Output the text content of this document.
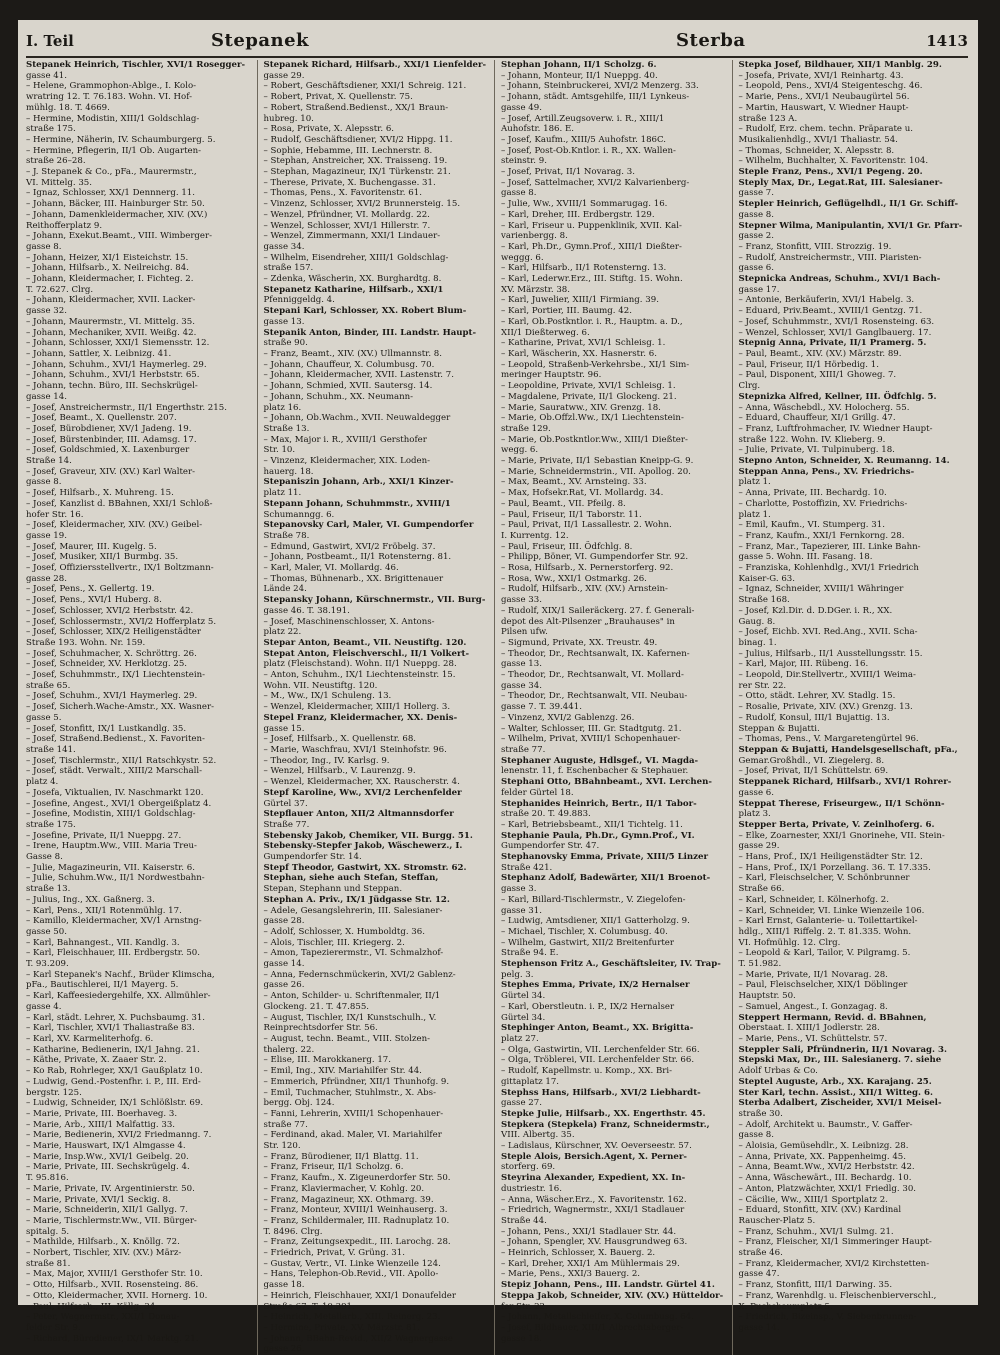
I. Teil	Stepanek	Sterba	1413
Stepanek Heinrich, Tischler, XVI/1 Rosegger-
gasse 41.
– Helene, Grammophon-Ablge., I. Kolo-
wratring 12. T. 76.183. Wohn. VI. Hof-
mühlg. 18. T. 4669.
– Hermine, Modistin, XIII/1 Goldschlag-
straße 175.
– Hermine, Näherin, IV. Schaumburgerg. 5.
– Hermine, Pflegerin, II/1 Ob. Augarten-
straße 26–28.
– J. Stepanek & Co., pFa., Maurermstr.,
VI. Mittelg. 35.
– Ignaz, Schlosser, XX/1 Dennnerg. 11.
– Johann, Bäcker, III. Hainburger Str. 50.
– Johann, Damenkleidermacher, XIV. (XV.)
Reithofferplatz 9.
– Johann, Exekut.Beamt., VIII. Wimberger-
gasse 8.
– Johann, Heizer, XI/1 Eisteichstr. 15.
– Johann, Hilfsarb., X. Neilreichg. 84.
– Johann, Kleidermacher, I. Fichteg. 2.
T. 72.627. Clrg.
– Johann, Kleidermacher, XVII. Lacker-
gasse 32.
– Johann, Maurermstr., VI. Mittelg. 35.
– Johann, Mechaniker, XVII. Weißg. 42.
– Johann, Schlosser, XXI/1 Siemensstr. 12.
– Johann, Sattler, X. Leibnizg. 41.
– Johann, Schuhm., XVI/1 Haymerleg. 29.
– Johann, Schuhm., XVI/1 Herbststr. 65.
– Johann, techn. Büro, III. Sechskrügel-
gasse 14.
– Josef, Anstreichermstr., II/1 Engerthstr. 215.
– Josef, Beamt., X. Quellenstr. 207.
– Josef, Bürobdiener, XV/1 Jadeng. 19.
– Josef, Bürstenbinder, III. Adamsg. 17.
– Josef, Goldschmied, X. Laxenburger
Straße 14.
– Josef, Graveur, XIV. (XV.) Karl Walter-
gasse 8.
– Josef, Hilfsarb., X. Muhreng. 15.
– Josef, Kanzlist d. BBahnen, XXI/1 Schloß-
hofer Str. 16.
– Josef, Kleidermacher, XIV. (XV.) Geibel-
gasse 19.
– Josef, Maurer, III. Kugelg. 5.
– Josef, Musiker, XII/1 Burmbg. 35.
– Josef, Offiziersstellvertr., IX/1 Boltzmann-
gasse 28.
– Josef, Pens., X. Gellertg. 19.
– Josef, Pens., XVI/1 Huberg. 8.
– Josef, Schlosser, XVI/2 Herbststr. 42.
– Josef, Schlossermstr., XVI/2 Hofferplatz 5.
– Josef, Schlosser, XIX/2 Heiligenstädter
Straße 193. Wohn. Nr. 159.
– Josef, Schuhmacher, X. Schröttrg. 26.
– Josef, Schneider, XV. Herklotzg. 25.
– Josef, Schuhmmstr., IX/1 Liechtenstein-
straße 65.
– Josef, Schuhm., XVI/1 Haymerleg. 29.
– Josef, Sicherh.Wache-Amstr., XX. Wasner-
gasse 5.
– Josef, Stonfitt, IX/1 Lustkandlg. 35.
– Josef, Straßend.Bedienst., X. Favoriten-
straße 141.
– Josef, Tischlermstr., XII/1 Ratschkystr. 52.
– Josef, städt. Verwalt., XIII/2 Marschall-
platz 4.
– Josefa, Viktualien, IV. Naschmarkt 120.
– Josefine, Angest., XVI/1 Obergeißplatz 4.
– Josefine, Modistin, XIII/1 Goldschlag-
straße 175.
– Josefine, Private, II/1 Nueppg. 27.
– Irene, Hauptm.Ww., VIII. Maria Treu-
Gasse 8.
– Julie, Magazineurin, VII. Kaiserstr. 6.
– Julie, Schuhm.Ww., II/1 Nordwestbahn-
straße 13.
– Julius, Ing., XX. Gaßnerg. 3.
– Karl, Pens., XII/1 Rotenmühlg. 17.
– Kamillo, Kleidermacher, XV/1 Arnstng-
gasse 50.
– Karl, Bahnangest., VII. Kandlg. 3.
– Karl, Fleischhauer, III. Erdbergstr. 50.
T. 93.209.
– Karl Stepanek's Nachf., Brüder Klimscha,
pFa., Bautischlerei, II/1 Mayerg. 5.
– Karl, Kaffeesiedergehilfe, XX. Allmühler-
gasse 4.
– Karl, städt. Lehrer, X. Puchsbaumg. 31.
– Karl, Tischler, XVI/1 Thaliastraße 83.
– Karl, XV. Karmeliterhofg. 6.
– Katharine, Bedienerin, IX/1 Jahng. 21.
– Käthe, Private, X. Zaaer Str. 2.
– Ko Rab, Rohrleger, XX/1 Gaußplatz 10.
– Ludwig, Gend.-Postenfhr. i. P., III. Erd-
bergstr. 125.
– Ludwig, Schneider, IX/1 Schlößlstr. 69.
– Marie, Private, III. Boerhaveg. 3.
– Marie, Arb., XIII/1 Malfattig. 33.
– Marie, Bedienerin, XVI/2 Friedmanng. 7.
– Marie, Hauswart, IX/1 Almgasse 4.
– Marie, Insp.Ww., XVI/1 Geibelg. 20.
– Marie, Private, III. Sechskrügelg. 4.
T. 95.816.
– Marie, Private, IV. Argentinierstr. 50.
– Marie, Private, XVI/1 Seckig. 8.
– Marie, Schneiderin, XII/1 Gallyg. 7.
– Marie, Tischlermstr.Ww., VII. Bürger-
spitalg. 5.
– Mathilde, Hilfsarb., X. Knöllg. 72.
– Norbert, Tischler, XIV. (XV.) März-
straße 81.
– Max, Major, XVIII/1 Gersthofer Str. 10.
– Otto, Hilfsarb., XVII. Rosensteing. 86.
– Otto, Kleidermacher, XVII. Hornerg. 10.
– Paul, Hilfsarb., III. Köllg. 34.
– Peter, Wagnermstr., XXI/1 Donau-
felder Str. 9.
– Richard, Bürodiener, IX/1 Marktg. 21.
Stepanek Richard, Hilfsarb., XXI/1 Lienfelder-
gasse 29.
– Robert, Geschäftsdiener, XXI/1 Schreig. 121.
– Robert, Privat, X. Quellenstr. 75.
– Robert, Straßend.Bedienst., XX/1 Braun-
hubreg. 10.
– Rosa, Private, X. Alepsstr. 6.
– Rudolf, Geschäftsdiener, XVI/2 Hippg. 11.
– Sophie, Hebamme, III. Lechnerstr. 8.
– Stephan, Anstreicher, XX. Traisseng. 19.
– Stephan, Magazineur, IX/1 Türkenstr. 21.
– Therese, Private, X. Buchengasse. 31.
– Thomas, Pens., X. Favoritenstr. 61.
– Vinzenz, Schlosser, XVI/2 Brunnersteig. 15.
– Wenzel, Pfründner, VI. Mollardg. 22.
– Wenzel, Schlosser, XVI/1 Hillerstr. 7.
– Wenzel, Zimmermann, XXI/1 Lindauer-
gasse 34.
– Wilhelm, Eisendreher, XIII/1 Goldschlag-
straße 157.
– Zdenka, Wäscherin, XX. Burghardtg. 8.
Stepanetz Katharine, Hilfsarb., XXI/1
Pfenniggeldg. 4.
Stepani Karl, Schlosser, XX. Robert Blum-
gasse 13.
Stepanik Anton, Binder, III. Landstr. Haupt-
straße 90.
– Franz, Beamt., XIV. (XV.) Ullmannstr. 8.
– Johann, Chauffeur, X. Columbusg. 70.
– Johann, Kleidermacher, XVII. Lastenstr. 7.
– Johann, Schmied, XVII. Sautersg. 14.
– Johann, Schuhm., XX. Neumann-
platz 16.
– Johann, Ob.Wachm., XVII. Neuwaldegger
Straße 13.
– Max, Major i. R., XVIII/1 Gersthofer
Str. 10.
– Vinzenz, Kleidermacher, XIX. Loden-
hauerg. 18.
Stepaniszin Johann, Arb., XXI/1 Kinzer-
platz 11.
Stepann Johann, Schuhmmstr., XVIII/1
Schumanngg. 6.
Stepanovsky Carl, Maler, VI. Gumpendorfer
Straße 78.
– Edmund, Gastwirt, XVI/2 Fröbelg. 37.
– Johann, Postbeamt., II/1 Rotensterng. 81.
– Karl, Maler, VI. Mollardg. 46.
– Thomas, Bühnenarb., XX. Brigittenauer
Lände 24.
Stepansky Johann, Kürschnermstr., VII. Burg-
gasse 46. T. 38.191.
– Josef, Maschinenschlosser, X. Antons-
platz 22.
Stepar Anton, Beamt., VII. Neustiftg. 120.
Stepat Anton, Fleischverschl., II/1 Volkert-
platz (Fleischstand). Wohn. II/1 Nueppg. 28.
– Anton, Schuhm., IX/1 Liechtensteinstr. 15.
Wohn. VII. Neustiftg. 120.
– M., Ww., IX/1 Schuleng. 13.
– Wenzel, Kleidermacher, XIII/1 Hollerg. 3.
Stepel Franz, Kleidermacher, XX. Denis-
gasse 15.
– Josef, Hilfsarb., X. Quellenstr. 68.
– Marie, Waschfrau, XVI/1 Steinhofstr. 96.
– Theodor, Ing., IV. Karlsg. 9.
– Wenzel, Hilfsarb., V. Laurenzg. 9.
– Wenzel, Kleidermacher, XX. Rauscherstr. 4.
Stepf Karoline, Ww., XVI/2 Lerchenfelder
Gürtel 37.
Stepflauer Anton, XII/2 Altmannsdorfer
Straße 77.
Stebensky Jakob, Chemiker, VII. Burgg. 51.
Stebensky-Stepfer Jakob, Wäschewerz., I.
Gumpendorfer Str. 14.
Stepf Theodor, Gastwirt, XX. Stromstr. 62.
Stephan, siehe auch Stefan, Steffan,
Stepan, Stephann und Steppan.
Stephan A. Priv., IX/1 Jüdgasse Str. 12.
– Adele, Gesangslehrerin, III. Salesianer-
gasse 28.
– Adolf, Schlosser, X. Humboldtg. 36.
– Alois, Tischler, III. Kriegerg. 2.
– Amon, Tapezierermstr., VI. Schmalzhof-
gasse 14.
– Anna, Federnschmückerin, XVI/2 Gablenz-
gasse 26.
– Anton, Schilder- u. Schriftenmaler, II/1
Glockeng. 21. T. 47.855.
– August, Tischler, IX/1 Kunstschulh., V.
Reinprechtsdorfer Str. 56.
– August, techn. Beamt., VIII. Stolzen-
thalerg. 22.
– Elise, III. Marokkanerg. 17.
– Emil, Ing., XIV. Mariahilfer Str. 44.
– Emmerich, Pfründner, XII/1 Thunhofg. 9.
– Emil, Tuchmacher, Stuhlmstr., X. Abs-
bergg. Obj. 124.
– Fanni, Lehrerin, XVIII/1 Schopenhauer-
straße 77.
– Ferdinand, akad. Maler, VI. Mariahilfer
Str. 120.
– Franz, Bürodiener, II/1 Blattg. 11.
– Franz, Friseur, II/1 Scholzg. 6.
– Franz, Kaufm., X. Zigeunerdorfer Str. 50.
– Franz, Klaviermacher, V. Kohlg. 20.
– Franz, Magazineur, XX. Othmarg. 39.
– Franz, Monteur, XVIII/1 Weinhauserg. 3.
– Franz, Schildermaler, III. Radnuplatz 10.
T. 8496. Clrg.
– Franz, Zeitungsexpedit., III. Larochg. 28.
– Friedrich, Privat, V. Grüng. 31.
– Gustav, Vertr., VI. Linke Wienzeile 124.
– Hans, Telephon-Ob.Revid., VII. Apollo-
gasse 18.
– Heinrich, Fleischhauer, XXI/1 Donaufelder
Straße 67. T. 10.391.
– Heinrich, Metallarb., XIII. Reinerg. 23.
– Hermine, Private, XV. Märzstr. 81.
– Johann, BBahn-Revid., XII/2 Wagnergasse
gasse 26.
Stephan Johann, II/1 Scholzg. 6.
– Johann, Monteur, II/1 Nueppg. 40.
– Johann, Steinbruckerei, XVI/2 Menzerg. 33.
– Johann, städt. Amtsgehilfe, III/1 Lynkeus-
gasse 49.
– Josef, Artill.Zeugsoverw. i. R., XIII/1
Auhofstr. 186. E.
– Josef, Kaufm., XIII/5 Auhofstr. 186C.
– Josef, Post-Ob.Kntlor. i. R., XX. Wallen-
steinstr. 9.
– Josef, Privat, II/1 Novarag. 3.
– Josef, Sattelmacher, XVI/2 Kalvarienberg-
gasse 8.
– Julie, Ww., XVIII/1 Sommarugag. 16.
– Karl, Dreher, III. Erdbergstr. 129.
– Karl, Friseur u. Puppenklinik, XVII. Kal-
varienbergg. 8.
– Karl, Ph.Dr., Gymn.Prof., XIII/1 Dießter-
weggg. 6.
– Karl, Hilfsarb., II/1 Rotensterng. 13.
– Karl, Lederwr.Erz., III. Stiftg. 15. Wohn.
XV. Märzstr. 38.
– Karl, Juwelier, XIII/1 Firmiang. 39.
– Karl, Portier, III. Baumg. 42.
– Karl, Ob.Postkntlor. i. R., Hauptm. a. D.,
XII/1 Dießterweg. 6.
– Katharine, Privat, XVI/1 Schleisg. 1.
– Karl, Wäscherin, XX. Hasnerstr. 6.
– Leopold, Straßenb-Verkehrsbe., XI/1 Sim-
meringer Hauptstr. 96.
– Leopoldine, Private, XVI/1 Schleisg. 1.
– Magdalene, Private, II/1 Glockeng. 21.
– Marie, Sauratww., XIV. Grenzg. 18.
– Marie, Ob.Offzl.Ww., IX/1 Liechtenstein-
straße 129.
– Marie, Ob.Postkntlor.Ww., XIII/1 Dießter-
wegg. 6.
– Marie, Private, II/1 Sebastian Kneipp-G. 9.
– Marie, Schneidermstrin., VII. Apollog. 20.
– Max, Beamt., XV. Arnsteing. 33.
– Max, Hofsekr.Rat, VI. Mollardg. 34.
– Paul, Beamt., VII. Pfeilg. 8.
– Paul, Friseur, II/1 Taborstr. 11.
– Paul, Privat, II/1 Lassallestr. 2. Wohn.
I. Kurrentg. 12.
– Paul, Friseur, III. Ödfchlg. 8.
– Philipp, Böner, VI. Gumpendorfer Str. 92.
– Rosa, Hilfsarb., X. Pernerstorferg. 92.
– Rosa, Ww., XXI/1 Ostmarkg. 26.
– Rudolf, Hilfsarb., XIV. (XV.) Arnstein-
gasse 33.
– Rudolf, XIX/1 Saileräckerg. 27. f. Generali-
depot des Alt-Pilsenzer „Brauhauses" in
Pilsen ufw.
– Sigmund, Private, XX. Treustr. 49.
– Theodor, Dr., Rechtsanwalt, IX. Kafernen-
gasse 13.
– Theodor, Dr., Rechtsanwalt, VI. Mollard-
gasse 34.
– Theodor, Dr., Rechtsanwalt, VII. Neubau-
gasse 7. T. 39.441.
– Vinzenz, XVI/2 Gablenzg. 26.
– Walter, Schlosser, III. Gr. Stadtgutg. 21.
– Wilhelm, Privat, XVIII/1 Schopenhauer-
straße 77.
Stephaner Auguste, Hdlsgef., VI. Magda-
lenenstr. 11, f. Eschenbacher & Stephauer.
Stephani Otto, BBahnbeamt., XVI. Lerchen-
felder Gürtel 18.
Stephanides Heinrich, Bertr., II/1 Tabor-
straße 20. T. 49.883.
– Karl, Betriebsbeamt., XII/1 Tichtelg. 11.
Stephanie Paula, Ph.Dr., Gymn.Prof., VI.
Gumpendorfer Str. 47.
Stephanovsky Emma, Private, XIII/5 Linzer
Straße 421.
Stephanz Adolf, Badewärter, XII/1 Broenot-
gasse 3.
– Karl, Billard-Tischlermstr., V. Ziegelofen-
gasse 31.
– Ludwig, Amtsdiener, XII/1 Gatterholzg. 9.
– Michael, Tischler, X. Columbusg. 40.
– Wilhelm, Gastwirt, XII/2 Breitenfurter
Straße 94. E.
Stephenson Fritz A., Geschäftsleiter, IV. Trap-
pelg. 3.
Stephes Emma, Private, IX/2 Hernalser
Gürtel 34.
– Karl, Oberstleutn. i. P., IX/2 Hernalser
Gürtel 34.
Stephinger Anton, Beamt., XX. Brigitta-
platz 27.
– Olga, Gastwirtin, VII. Lerchenfelder Str. 66.
– Olga, Tröblerei, VII. Lerchenfelder Str. 66.
– Rudolf, Kapellmstr. u. Komp., XX. Bri-
gittaplatz 17.
Stephss Hans, Hilfsarb., XVI/2 Liebhardt-
gasse 27.
Stepke Julie, Hilfsarb., XX. Engerthstr. 45.
Stepkera (Stepkela) Franz, Schneidermstr.,
VIII. Albertg. 35.
– Ladislaus, Kürschner, XV. Oeverseestr. 57.
Steple Alois, Bersich.Agent, X. Perner-
storferg. 69.
Steyrina Alexander, Expedient, XX. In-
dustriestr. 16.
– Anna, Wäscher.Erz., X. Favoritenstr. 162.
– Friedrich, Wagnermstr., XXI/1 Stadlauer
Straße 44.
– Johann, Pens., XXI/1 Stadlauer Str. 44.
– Johann, Spengler, XV. Hausgrundweg 63.
– Heinrich, Schlosser, X. Bauerg. 2.
– Karl, Dreher, XXI/1 Am Mühlermais 29.
– Marie, Pens., XXI/3 Bauerg. 2.
Stepiz Johann, Pens., III. Landstr. Gürtel 41.
Steppa Jakob, Schneider, XIV. (XV.) Hütteldor-
fer Str. 22.
– Johann, Metallschleifer, X. Columbusg. 64.
– Josef, Bildhauer, XIII/1 Albrechtsberger-
gasse 18.
Stepka Josef, Bildhauer, XII/1 Manblg. 29.
– Josefa, Private, XVI/1 Reinhartg. 43.
– Leopold, Pens., XVI/4 Steigenteschg. 46.
– Marie, Pens., XVI/1 Neubaugürtel 56.
– Martin, Hauswart, V. Wiedner Haupt-
straße 123 A.
– Rudolf, Erz. chem. techn. Präparate u.
Musikalienhdlg., XVI/1 Thaliastr. 54.
– Thomas, Schneider, X. Alepsstr. 8.
– Wilhelm, Buchhalter, X. Favoritenstr. 104.
Steple Franz, Pens., XVI/1 Pegeng. 20.
Steply Max, Dr., Legat.Rat, III. Salesianer-
gasse 7.
Stepler Heinrich, Geflügelhdl., II/1 Gr. Schiff-
gasse 8.
Stepner Wilma, Manipulantin, XVI/1 Gr. Pfarr-
gasse 2.
– Franz, Stonfitt, VIII. Strozzig. 19.
– Rudolf, Anstreichermstr., VIII. Piaristen-
gasse 6.
Stepnicka Andreas, Schuhm., XVI/1 Bach-
gasse 17.
– Antonie, Berkäuferin, XVI/1 Habelg. 3.
– Eduard, Priv.Beamt., XVIII/1 Gentzg. 71.
– Josef, Schuhmmstr., XVI/1 Rosensteing. 63.
– Wenzel, Schlosser, XVI/1 Ganglbauerg. 17.
Stepnig Anna, Private, II/1 Pramerg. 5.
– Paul, Beamt., XIV. (XV.) Märzstr. 89.
– Paul, Friseur, II/1 Hörbedig. 1.
– Paul, Disponent, XIII/1 Ghoweg. 7.
Clrg.
Stepnizka Alfred, Kellner, III. Ödfchlg. 5.
– Anna, Wäschebdl., XV. Holocherg. 55.
– Eduard, Chauffeur, XI/1 Grillg. 47.
– Franz, Luftfrohmacher, IV. Wiedner Haupt-
straße 122. Wohn. IV. Klieberg. 9.
– Julie, Private, VI. Tulpinuberg. 18.
Stepno Anton, Schneider, X. Reumanng. 14.
Steppan Anna, Pens., XV. Friedrichs-
platz 1.
– Anna, Private, III. Bechardg. 10.
– Charlotte, Postoffizin, XV. Friedrichs-
platz 1.
– Emil, Kaufm., VI. Stumperg. 31.
– Franz, Kaufm., XXI/1 Fernkorng. 28.
– Franz, Mar., Tapezierer, III. Linke Bahn-
gasse 5. Wohn. III. Fasang. 18.
– Franziska, Kohlenhdlg., XVI/1 Friedrich
Kaiser-G. 63.
– Ignaz, Schneider, XVIII/1 Währinger
Straße 168.
– Josef, Kzl.Dir. d. D.DGer. i. R., XX.
Gaug. 8.
– Josef, Eichb. XVI. Red.Ang., XVII. Scha-
binag. 1.
– Julius, Hilfsarb., II/1 Ausstellungsstr. 15.
– Karl, Major, III. Rübeng. 16.
– Leopold, Dir.Stellvertr., XVIII/1 Weima-
rer Str. 22.
– Otto, städt. Lehrer, XV. Stadlg. 15.
– Rosalie, Private, XIV. (XV.) Grenzg. 13.
– Rudolf, Konsul, III/1 Bujattig. 13.
Steppan & Bujatti.
– Thomas, Pens., V. Margaretengürtel 96.
Steppan & Bujatti, Handelsgesellschaft, pFa.,
Gemar.Großhdl., VI. Ziegelerg. 8.
– Josef, Privat, II/1 Schüttelstr. 69.
Steppanek Richard, Hilfsarb., XVI/1 Rohrer-
gasse 6.
Steppat Therese, Friseurgew., II/1 Schönn-
platz 3.
Stepper Berta, Private, V. Zeinlhoferg. 6.
– Elke, Zoarnester, XXI/1 Gnorinehe, VII. Stein-
gasse 29.
– Hans, Prof., IX/1 Heiligenstädter Str. 12.
– Hans, Prof., IX/1 Porzellang. 36. T. 17.335.
– Karl, Fleischselcher, V. Schönbrunner
Straße 66.
– Karl, Schneider, I. Kölnerhofg. 2.
– Karl, Schneider, VI. Linke Wienzeile 106.
– Karl Ernst, Galanterie- u. Toilettartikel-
hdlg., XIII/1 Riffelg. 2. T. 81.335. Wohn.
VI. Hofmühlg. 12. Clrg.
– Leopold & Karl, Tailor, V. Pilgramg. 5.
T. 51.982.
– Marie, Private, II/1 Novarag. 28.
– Paul, Fleischselcher, XIX/1 Döblinger
Hauptstr. 50.
– Samuel, Angest., I. Gonzagag. 8.
Steppert Hermann, Revid. d. BBahnen,
Oberstaat. I. XIII/1 Jodlerstr. 28.
– Marie, Pens., VI. Schüttelstr. 57.
Steppler Sali, Pfründnerin, II/1 Novarag. 3.
Stepski Max, Dr., III. Salesianerg. 7. siehe
Adolf Urbas & Co.
Steptel Auguste, Arb., XX. Karajang. 25.
Ster Karl, techn. Assist., XII/1 Witteg. 6.
Sterba Adalbert, Zischeider, XVI/1 Meisel-
straße 30.
– Adolf, Architekt u. Baumstr., V. Gaffer-
gasse 8.
– Aloisia, Gemüsehdlr., X. Leibnizg. 28.
– Anna, Private, XX. Pappenheimg. 45.
– Anna, Beamt.Ww., XVI/2 Herbststr. 42.
– Anna, Wäschewärt., III. Bechardg. 10.
– Anton, Platzwächter, XXI/1 Friedlg. 30.
– Cäcilie, Ww., XIII/1 Sportplatz 2.
– Eduard, Stonfitt, XIV. (XV.) Kardinal
Rauscher-Platz 5.
– Franz, Schuhm., XVI/1 Sulmg. 21.
– Franz, Fleischer, XI/1 Simmeringer Haupt-
straße 46.
– Franz, Kleidermacher, XVI/2 Kirchstetten-
gasse 47.
– Franz, Stonfitt, III/1 Darwing. 35.
– Franz, Warenhdlg. u. Fleischenbierverschl.,
X. Puchsbaumplatz 5.
– Friedrich, Bizeinsp., V. Siebenbrunnen-
gasse 14.
